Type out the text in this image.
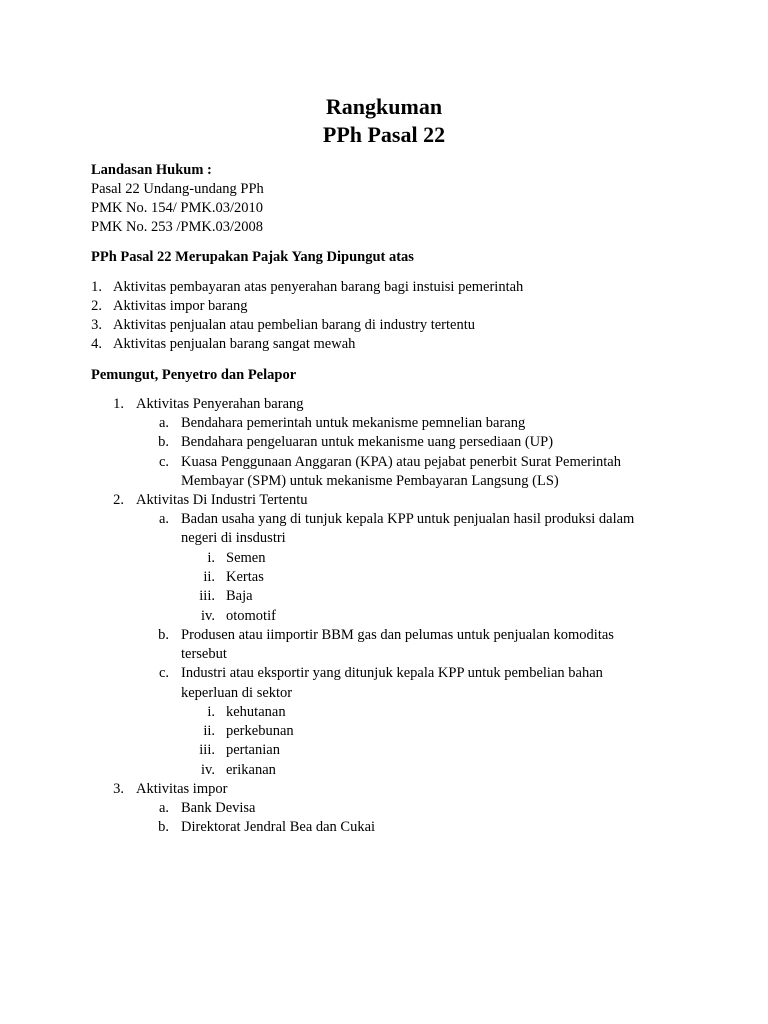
Rangkuman
PPh Pasal 22
Landasan Hukum :
Pasal 22 Undang-undang PPh
PMK No. 154/ PMK.03/2010
PMK No. 253 /PMK.03/2008
PPh Pasal 22 Merupakan Pajak Yang Dipungut atas
1. Aktivitas pembayaran atas penyerahan barang bagi instuisi pemerintah
2. Aktivitas impor barang
3. Aktivitas penjualan atau pembelian barang di industry tertentu
4. Aktivitas penjualan barang sangat mewah
Pemungut, Penyetro dan Pelapor
1. Aktivitas Penyerahan barang
a. Bendahara pemerintah untuk mekanisme pemnelian barang
b. Bendahara pengeluaran untuk mekanisme uang persediaan (UP)
c. Kuasa Penggunaan Anggaran (KPA) atau pejabat penerbit Surat Pemerintah
Membayar (SPM) untuk mekanisme Pembayaran Langsung (LS)
2. Aktivitas Di Industri Tertentu
a. Badan usaha yang di tunjuk kepala KPP untuk penjualan hasil produksi dalam
negeri di insdustri
i. Semen
ii. Kertas
iii. Baja
iv. otomotif
b. Produsen atau iimportir BBM gas dan pelumas untuk penjualan komoditas
tersebut
c. Industri atau eksportir yang ditunjuk kepala KPP untuk pembelian bahan
keperluan di sektor
i. kehutanan
ii. perkebunan
iii. pertanian
iv. erikanan
3. Aktivitas impor
a. Bank Devisa
b. Direktorat Jendral Bea dan Cukai
